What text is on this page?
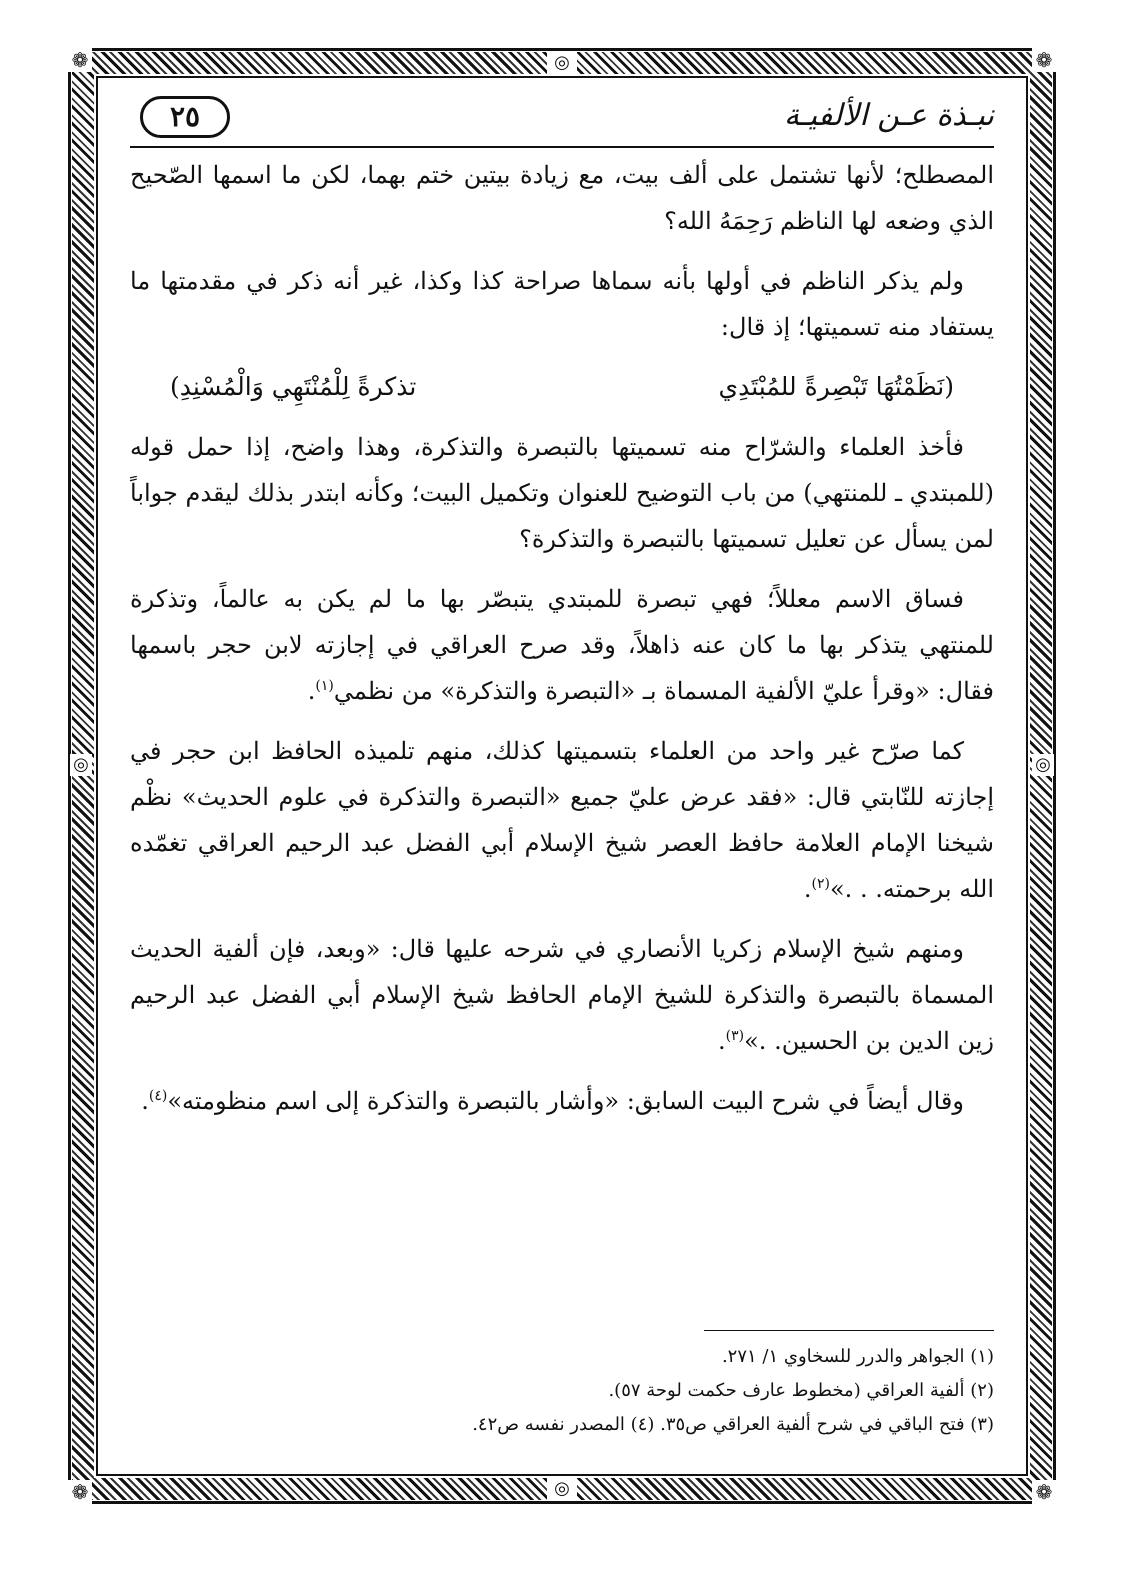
❁	❁
❁	❁
◎
◎
◎	◎
نبـذة عـن الألفيـة
٢٥

المصطلح؛ لأنها تشتمل على ألف بيت، مع زيادة بيتين ختم بهما، لكن ما اسمها الصّحيح الذي وضعه لها الناظم رَحِمَهُ الله؟

ولم يذكر الناظم في أولها بأنه سماها صراحة كذا وكذا، غير أنه ذكر في مقدمتها ما يستفاد منه تسميتها؛ إذ قال:

(نَظَمْتُهَا تَبْصِرةً للمُبْتَدِي
تذكرةً لِلْمُنْتَهِي وَالْمُسْنِدِ)

فأخذ العلماء والشرّاح منه تسميتها بالتبصرة والتذكرة، وهذا واضح، إذا حمل قوله (للمبتدي ـ للمنتهي) من باب التوضيح للعنوان وتكميل البيت؛ وكأنه ابتدر بذلك ليقدم جواباً لمن يسأل عن تعليل تسميتها بالتبصرة والتذكرة؟

فساق الاسم معللاً؛ فهي تبصرة للمبتدي يتبصّر بها ما لم يكن به عالماً، وتذكرة للمنتهي يتذكر بها ما كان عنه ذاهلاً، وقد صرح العراقي في إجازته لابن حجر باسمها فقال: «وقرأ عليّ الألفية المسماة بـ «التبصرة والتذكرة» من نظمي$^{(١)}$.

كما صرّح غير واحد من العلماء بتسميتها كذلك، منهم تلميذه الحافظ ابن حجر في إجازته للنّابتي قال: «فقد عرض عليّ جميع «التبصرة والتذكرة في علوم الحديث» نظْم شيخنا الإمام العلامة حافظ العصر شيخ الإسلام أبي الفضل عبد الرحيم العراقي تغمّده الله برحمته. . .»$^{(٢)}$.

ومنهم شيخ الإسلام زكريا الأنصاري في شرحه عليها قال: «وبعد، فإن ألفية الحديث المسماة بالتبصرة والتذكرة للشيخ الإمام الحافظ شيخ الإسلام أبي الفضل عبد الرحيم زين الدين بن الحسين. .»$^{(٣)}$.

وقال أيضاً في شرح البيت السابق: «وأشار بالتبصرة والتذكرة إلى اسم منظومته»$^{(٤)}$.

(١) الجواهر والدرر للسخاوي ١/ ٢٧١.
(٢) ألفية العراقي (مخطوط عارف حكمت لوحة ٥٧).
(٣) فتح الباقي في شرح ألفية العراقي ص٣٥. (٤) المصدر نفسه ص٤٢.
